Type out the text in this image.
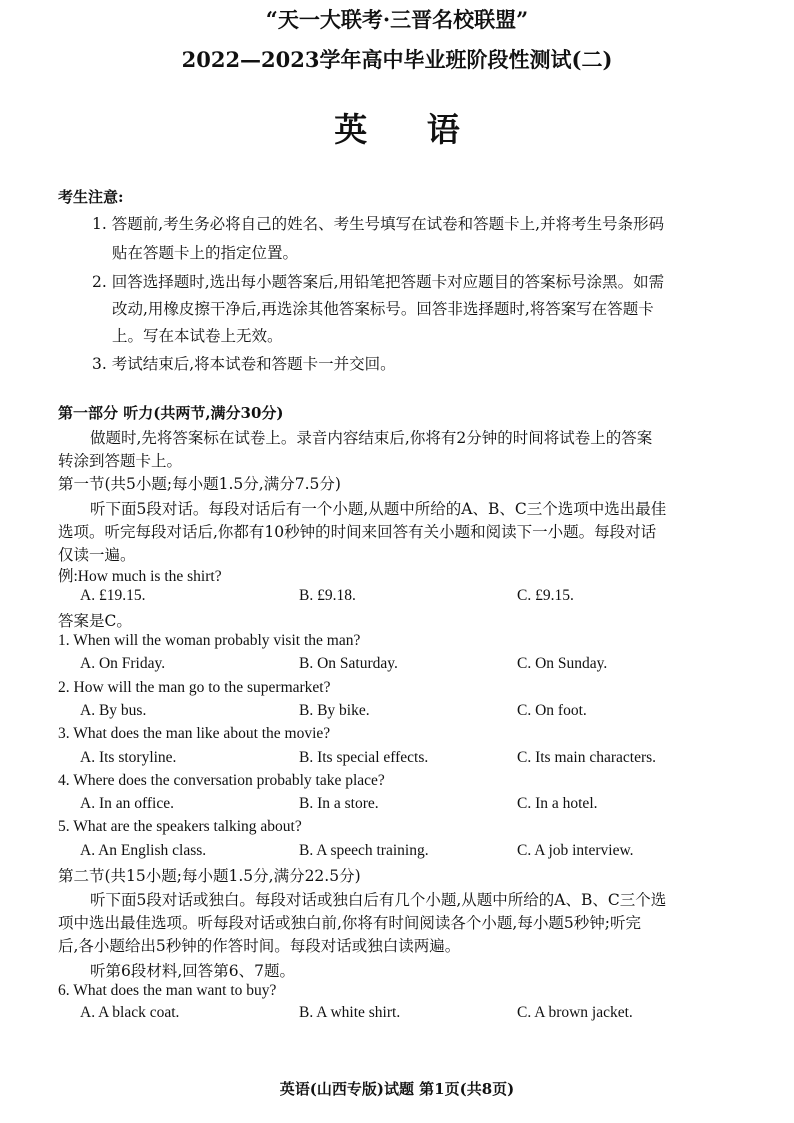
“天一大联考·三晋名校联盟”
2022—2023学年高中毕业班阶段性测试(二)
英 语
考生注意:
1. 答题前,考生务必将自己的姓名、考生号填写在试卷和答题卡上,并将考生号条形码
贴在答题卡上的指定位置。
2. 回答选择题时,选出每小题答案后,用铅笔把答题卡对应题目的答案标号涂黑。如需
改动,用橡皮擦干净后,再选涂其他答案标号。回答非选择题时,将答案写在答题卡
上。写在本试卷上无效。
3. 考试结束后,将本试卷和答题卡一并交回。
第一部分 听力(共两节,满分30分)
做题时,先将答案标在试卷上。录音内容结束后,你将有2分钟的时间将试卷上的答案
转涂到答题卡上。
第一节(共5小题;每小题1.5分,满分7.5分)
听下面5段对话。每段对话后有一个小题,从题中所给的A、B、C三个选项中选出最佳
选项。听完每段对话后,你都有10秒钟的时间来回答有关小题和阅读下一小题。每段对话
仅读一遍。
例:How much is the shirt?
A. £19.15.	B. £9.18.	C. £9.15.
答案是C。
1. When will the woman probably visit the man?
A. On Friday.	B. On Saturday.	C. On Sunday.
2. How will the man go to the supermarket?
A. By bus.	B. By bike.	C. On foot.
3. What does the man like about the movie?
A. Its storyline.	B. Its special effects.	C. Its main characters.
4. Where does the conversation probably take place?
A. In an office.	B. In a store.	C. In a hotel.
5. What are the speakers talking about?
A. An English class.	B. A speech training.	C. A job interview.
第二节(共15小题;每小题1.5分,满分22.5分)
听下面5段对话或独白。每段对话或独白后有几个小题,从题中所给的A、B、C三个选
项中选出最佳选项。听每段对话或独白前,你将有时间阅读各个小题,每小题5秒钟;听完
后,各小题给出5秒钟的作答时间。每段对话或独白读两遍。
听第6段材料,回答第6、7题。
6. What does the man want to buy?
A. A black coat.	B. A white shirt.	C. A brown jacket.
英语(山西专版)试题 第1页(共8页)
